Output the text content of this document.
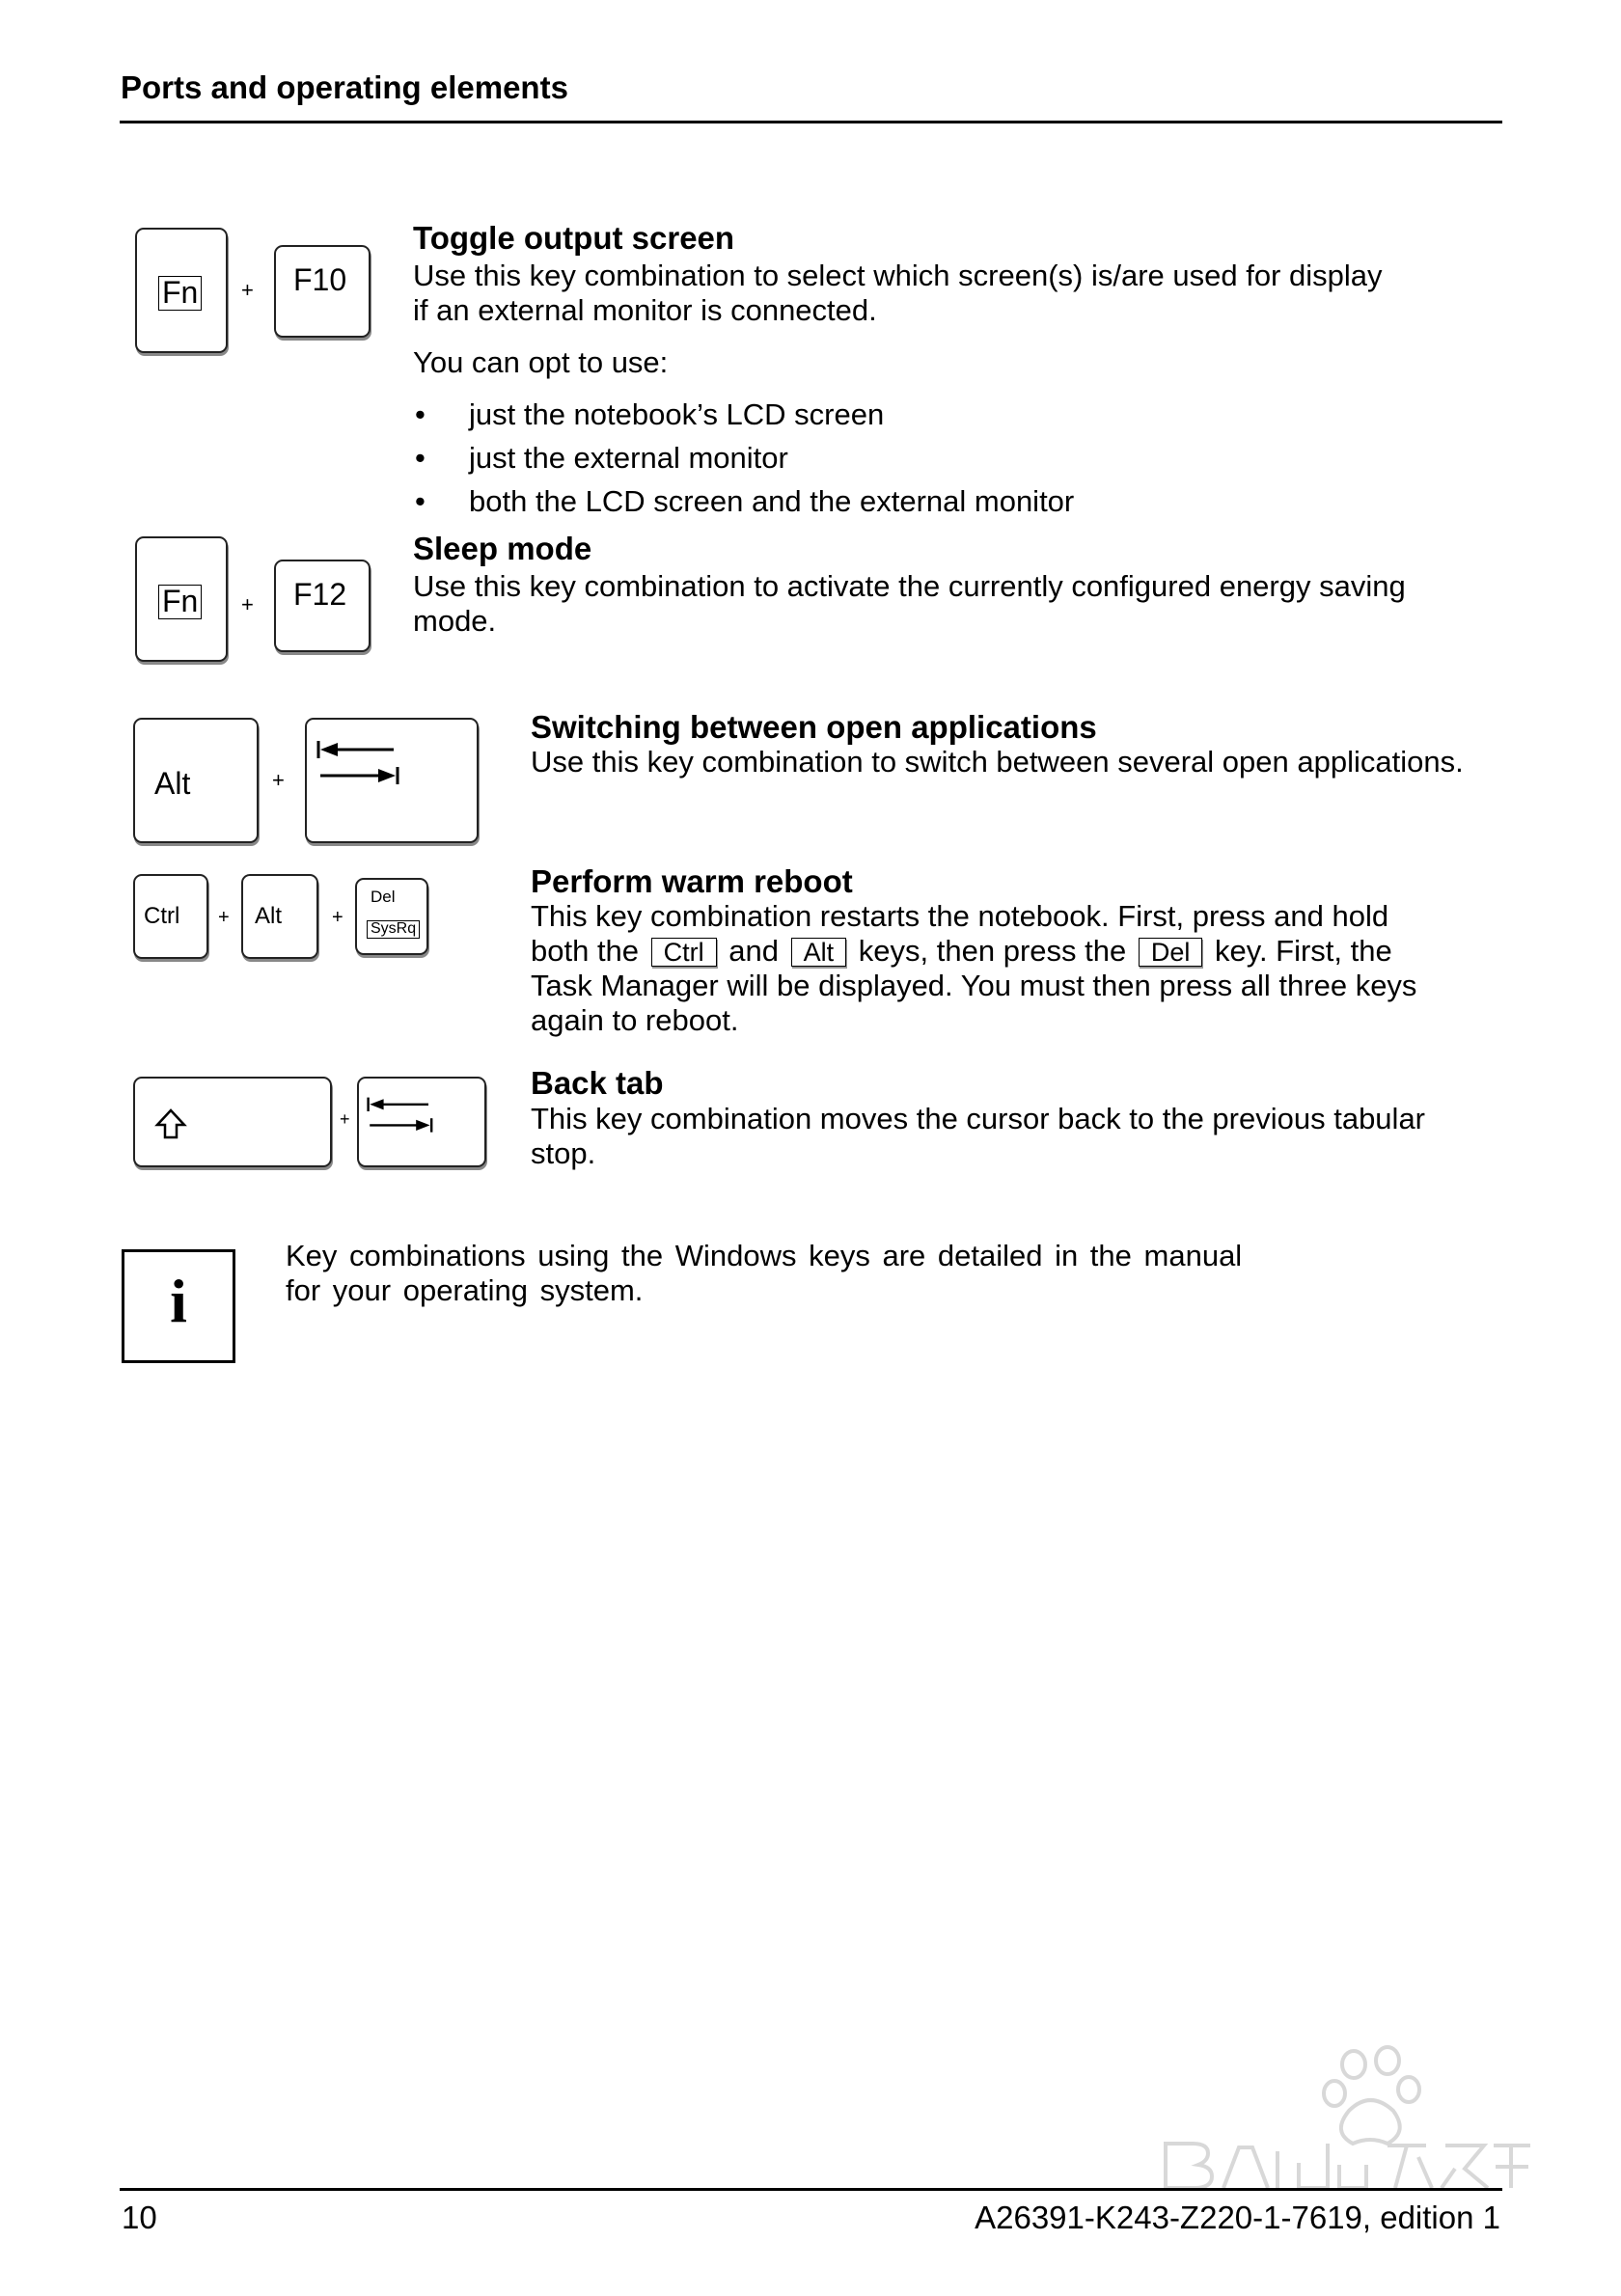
Ports and operating elements
Fn + F10
Toggle output screen
Use this key combination to select which screen(s) is/are used for display
if an external monitor is connected.
You can opt to use:
• just the notebook’s LCD screen
• just the external monitor
• both the LCD screen and the external monitor
Fn + F12
Sleep mode
Use this key combination to activate the currently configured energy saving
mode.
Alt	+
Switching between open applications
Use this key combination to switch between several open applications.
Ctrl + Alt	+
Del
SysRq
Perform warm reboot
This key combination restarts the notebook. First, press and hold
both the Ctrl and Alt keys, then press the Del key. First, the
Task Manager will be displayed. You must then press all three keys
again to reboot.
+
Back tab
This key combination moves the cursor back to the previous tabular
stop.
i
Key combinations using the Windows keys are detailed in the manual
for your operating system.
10	A26391-K243-Z220-1-7619, edition 1
